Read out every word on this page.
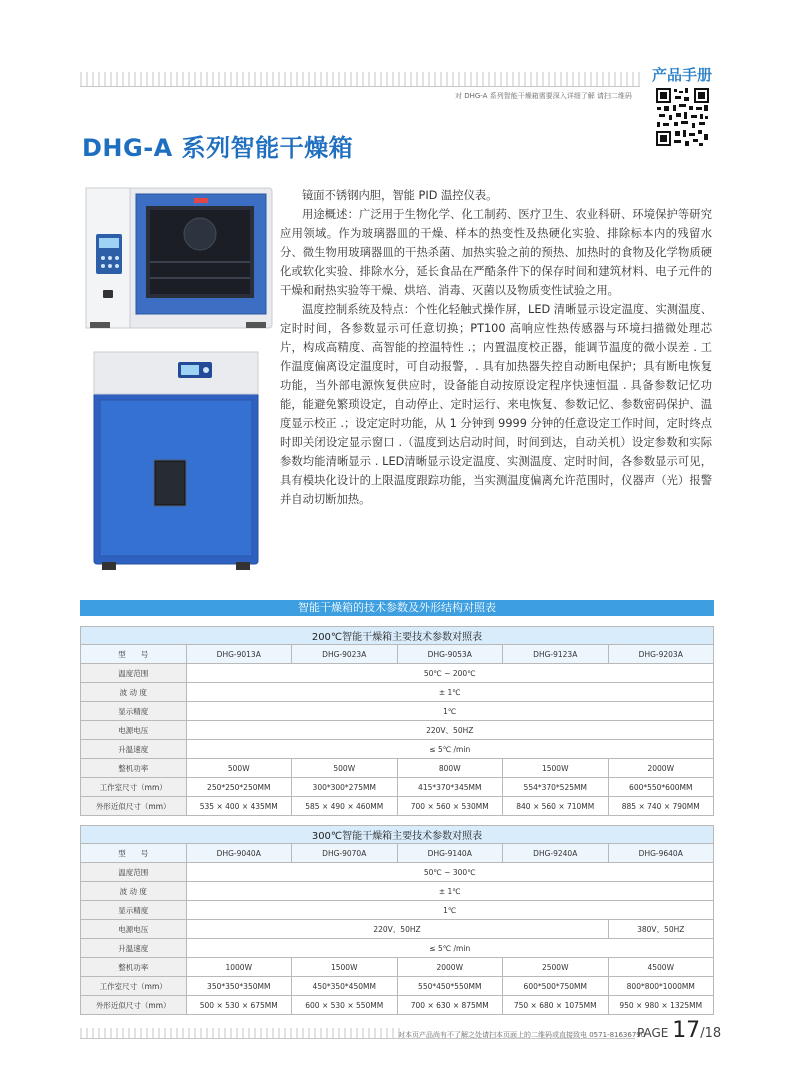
产品手册
对 DHG-A 系列智能干燥箱需要深入详细了解 请扫二维码
DHG-A 系列智能干燥箱

镜面不锈钢内胆，智能 PID 温控仪表。

用途概述：广泛用于生物化学、化工制药、医疗卫生、农业科研、环境保护等研究应用领域。作为玻璃器皿的干燥、样本的热变性及热硬化实验、排除标本内的残留水分、微生物用玻璃器皿的干热杀菌、加热实验之前的预热、加热时的食物及化学物质硬化或软化实验、排除水分，延长食品在严酷条件下的保存时间和建筑材料、电子元件的干燥和耐热实验等干燥、烘培、消毒、灭菌以及物质变性试验之用。

温度控制系统及特点：个性化轻触式操作屏，LED 清晰显示设定温度、实测温度、定时时间，各参数显示可任意切换；PT100 高响应性热传感器与环境扫描微处理芯片，构成高精度、高智能的控温特性 .；内置温度校正器，能调节温度的微小误差 . 工作温度偏离设定温度时，可自动报警，. 具有加热器失控自动断电保护；具有断电恢复功能，当外部电源恢复供应时，设备能自动按原设定程序快速恒温 . 具备参数记忆功能，能避免繁琐设定，自动停止、定时运行、来电恢复、参数记忆、参数密码保护、温度显示校正 .；设定定时功能，从 1 分钟到 9999 分钟的任意设定工作时间，定时终点时即关闭设定显示窗口 .（温度到达启动时间，时间到达，自动关机）设定参数和实际参数均能清晰显示 . LED清晰显示设定温度、实测温度、定时时间，各参数显示可见，具有模块化设计的上限温度跟踪功能，当实测温度偏离允许范围时，仪器声（光）报警并自动切断加热。

智能干燥箱的技术参数及外形结构对照表
200℃智能干燥箱主要技术参数对照表					
型　　号	DHG-9013A	DHG-9023A	DHG-9053A	DHG-9123A	DHG-9203A
温度范围	50℃ ~ 200℃				
波 动 度	± 1℃				
显示精度	1℃				
电源电压	220V、50HZ				
升温速度	≤ 5℃ /min				
整机功率	500W	500W	800W	1500W	2000W
工作室尺寸（mm）	250*250*250MM	300*300*275MM	415*370*345MM	554*370*525MM	600*550*600MM
外形近似尺寸（mm）	535 × 400 × 435MM	585 × 490 × 460MM	700 × 560 × 530MM	840 × 560 × 710MM	885 × 740 × 790MM
300℃智能干燥箱主要技术参数对照表					
型　　号	DHG-9040A	DHG-9070A	DHG-9140A	DHG-9240A	DHG-9640A
温度范围	50℃ ~ 300℃				
波 动 度	± 1℃				
显示精度	1℃				
电源电压	220V、50HZ				380V、50HZ
升温速度	≤ 5℃ /min				
整机功率	1000W	1500W	2000W	2500W	4500W
工作室尺寸（mm）	350*350*350MM	450*350*450MM	550*450*550MM	600*500*750MM	800*800*1000MM
外形近似尺寸（mm）	500 × 530 × 675MM	600 × 530 × 550MM	700 × 630 × 875MM	750 × 680 × 1075MM	950 × 980 × 1325MM
对本页产品尚有不了解之处请扫本页面上的二维码或直接致电 0571-81636790
PAGE 17/18
